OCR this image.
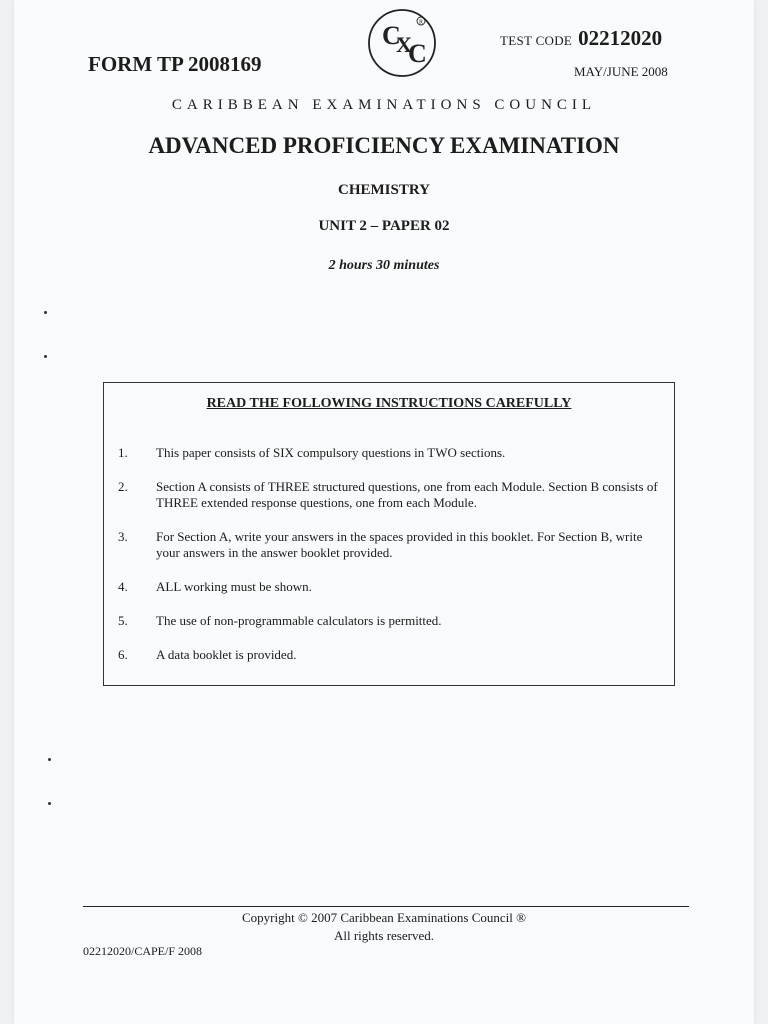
FORM TP 2008169
C
X
C
R
TEST CODE 02212020
MAY/JUNE 2008
CARIBBEAN EXAMINATIONS COUNCIL
ADVANCED PROFICIENCY EXAMINATION
CHEMISTRY
UNIT 2 – PAPER 02
2 hours 30 minutes
READ THE FOLLOWING INSTRUCTIONS CAREFULLY
1.	This paper consists of SIX compulsory questions in TWO sections.
2.	Section A consists of THREE structured questions, one from each Module. Section B consists of THREE extended response questions, one from each Module.
3.	For Section A, write your answers in the spaces provided in this booklet. For Section B, write your answers in the answer booklet provided.
4.	ALL working must be shown.
5.	The use of non-programmable calculators is permitted.
6.	A data booklet is provided.
Copyright © 2007 Caribbean Examinations Council ®
All rights reserved.
02212020/CAPE/F 2008
